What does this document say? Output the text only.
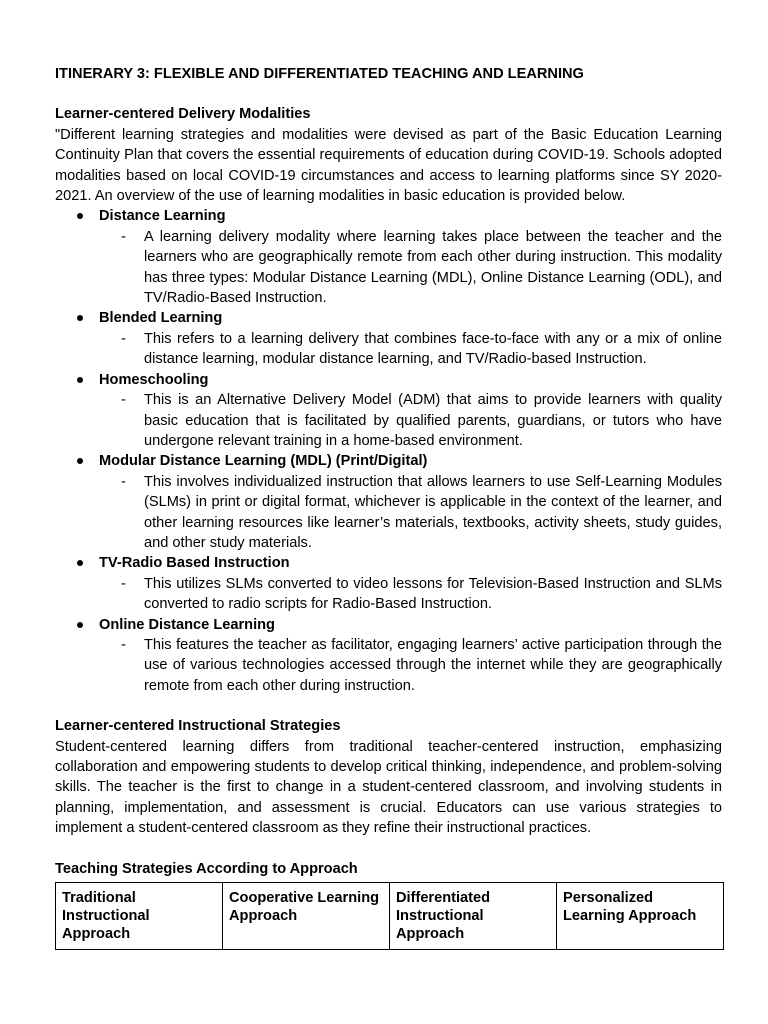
ITINERARY 3: FLEXIBLE AND DIFFERENTIATED TEACHING AND LEARNING
Learner-centered Delivery Modalities

"Different learning strategies and modalities were devised as part of the Basic Education Learning Continuity Plan that covers the essential requirements of education during COVID-19. Schools adopted modalities based on local COVID-19 circumstances and access to learning platforms since SY 2020-2021. An overview of the use of learning modalities in basic education is provided below.

Distance Learning
- A learning delivery modality where learning takes place between the teacher and the learners who are geographically remote from each other during instruction. This modality has three types: Modular Distance Learning (MDL), Online Distance Learning (ODL), and TV/Radio-Based Instruction.
Blended Learning
- This refers to a learning delivery that combines face-to-face with any or a mix of online distance learning, modular distance learning, and TV/Radio-based Instruction.
Homeschooling
- This is an Alternative Delivery Model (ADM) that aims to provide learners with quality basic education that is facilitated by qualified parents, guardians, or tutors who have undergone relevant training in a home-based environment.
Modular Distance Learning (MDL) (Print/Digital)
- This involves individualized instruction that allows learners to use Self-Learning Modules (SLMs) in print or digital format, whichever is applicable in the context of the learner, and other learning resources like learner’s materials, textbooks, activity sheets, study guides, and other study materials.
TV-Radio Based Instruction
- This utilizes SLMs converted to video lessons for Television-Based Instruction and SLMs converted to radio scripts for Radio-Based Instruction.
Online Distance Learning
- This features the teacher as facilitator, engaging learners’ active participation through the use of various technologies accessed through the internet while they are geographically remote from each other during instruction.
Learner-centered Instructional Strategies

Student-centered learning differs from traditional teacher-centered instruction, emphasizing collaboration and empowering students to develop critical thinking, independence, and problem-solving skills. The teacher is the first to change in a student-centered classroom, and involving students in planning, implementation, and assessment is crucial. Educators can use various strategies to implement a student-centered classroom as they refine their instructional practices.

Teaching Strategies According to Approach
Traditional Instructional Approach	Cooperative Learning Approach	Differentiated Instructional Approach	Personalized Learning Approach
